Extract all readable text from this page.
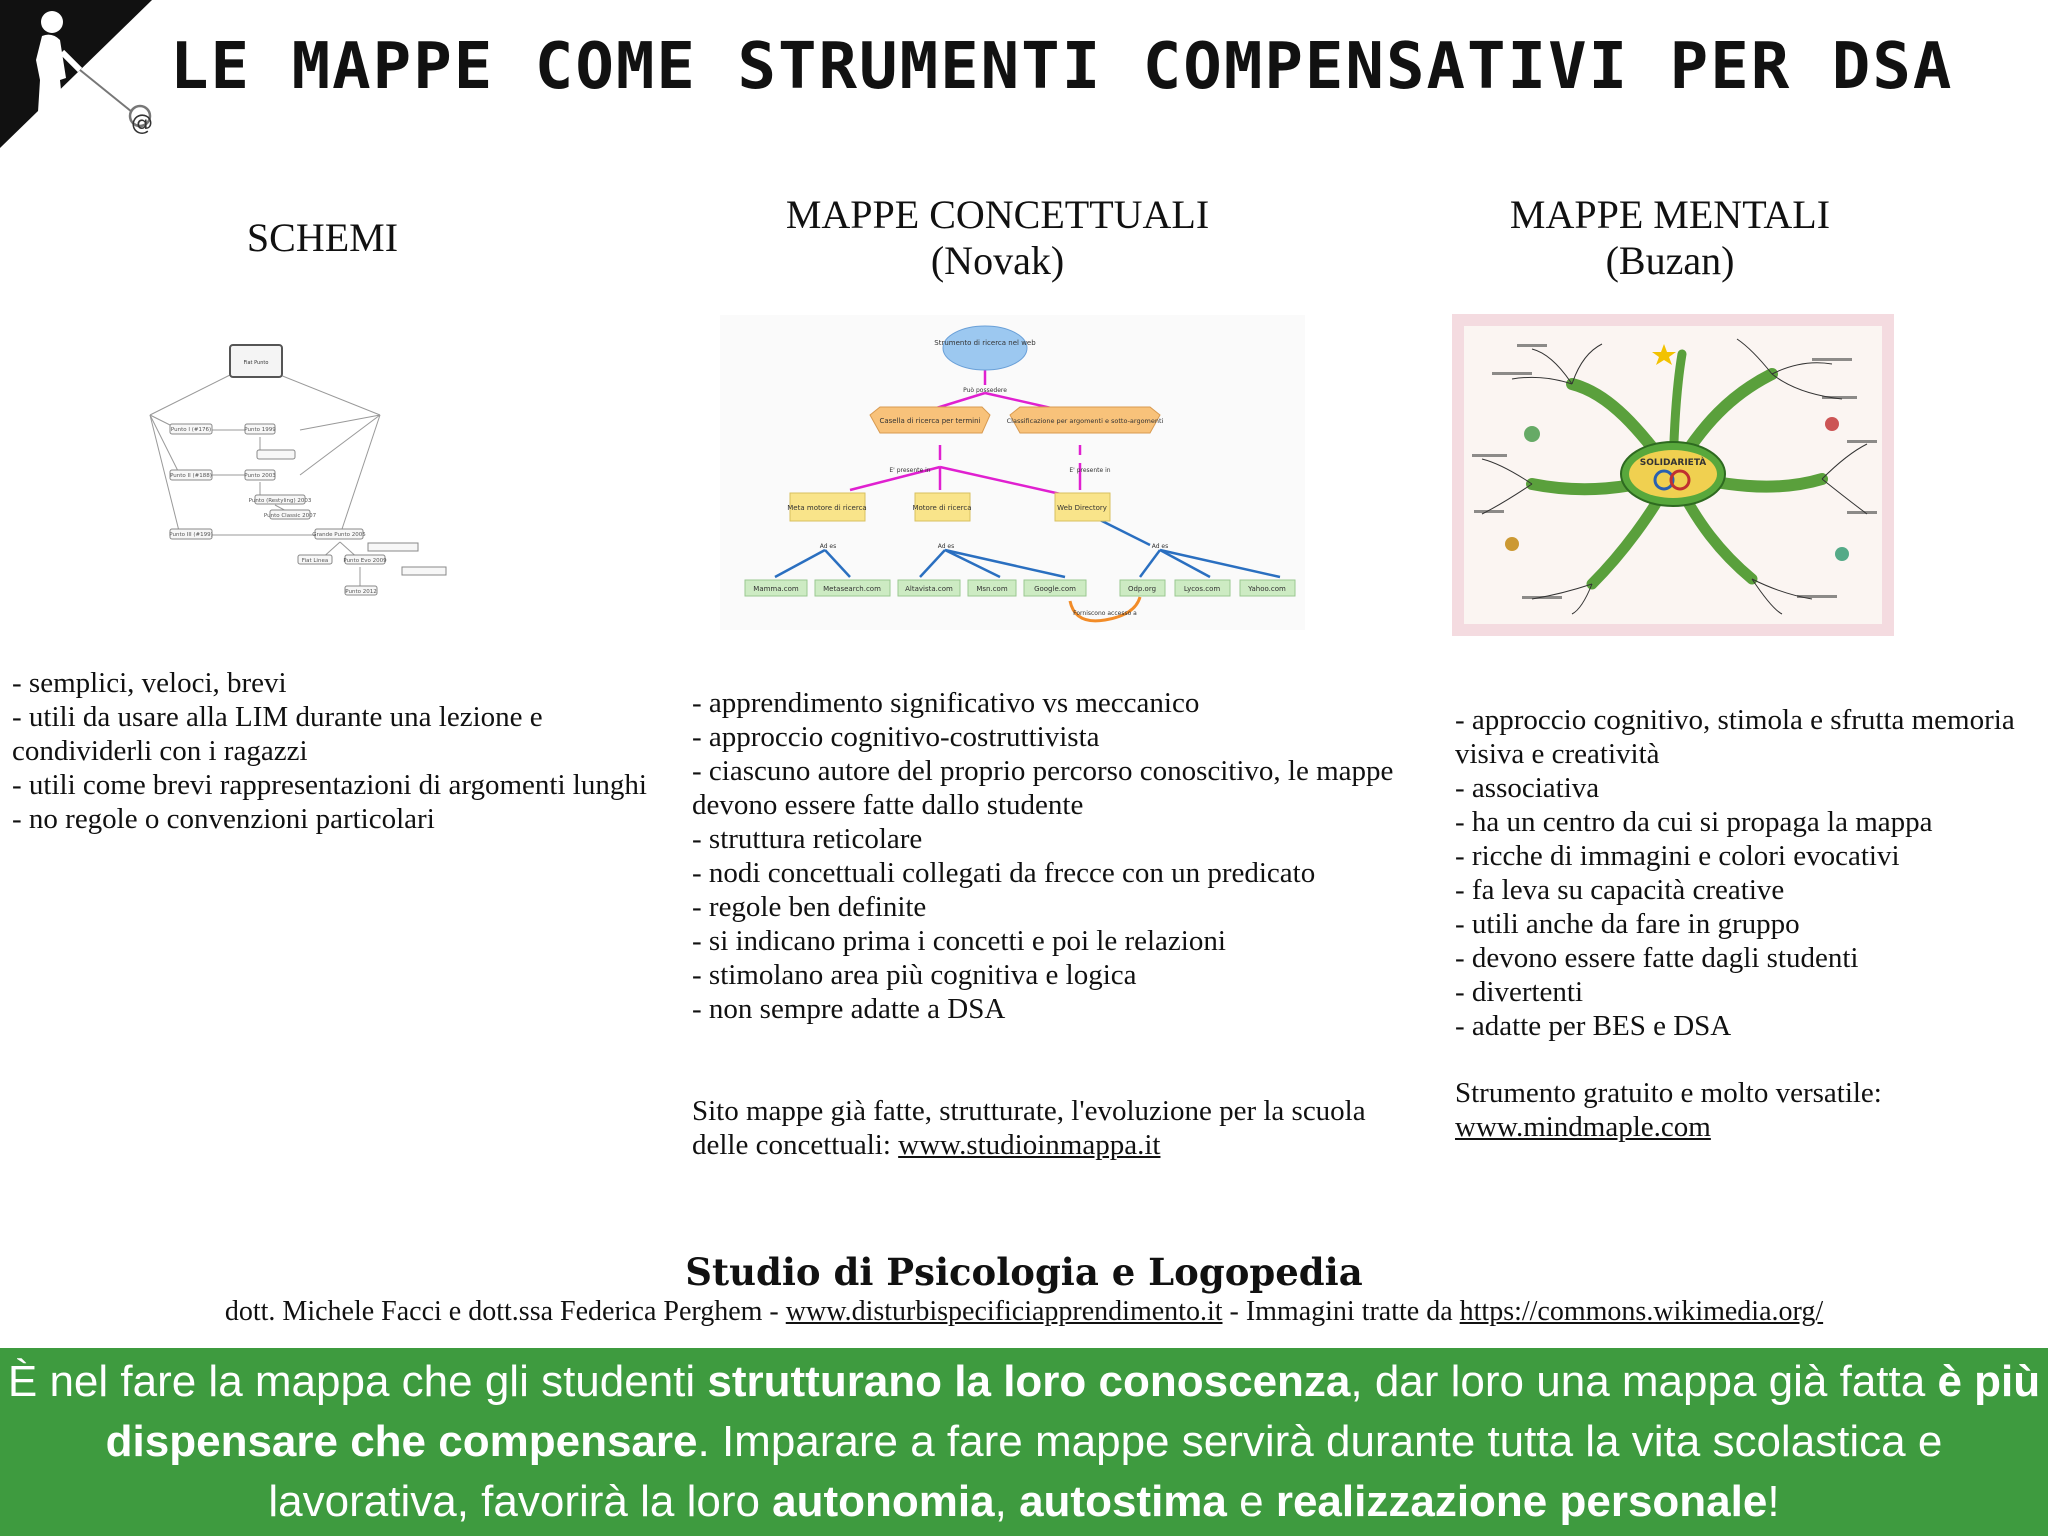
@
LE MAPPE COME STRUMENTI COMPENSATIVI PER DSA
SCHEMI
MAPPE CONCETTUALI
(Novak)
MAPPE MENTALI
(Buzan)
Fiat Punto
Punto I (#176)	Punto 1999
Punto II (#188)	Punto 2003
Punto (Restyling) 2003
Punto Classic 2007
Punto III (#199)	Grande Punto 2005
Fiat Linea	Punto Evo 2009
Punto 2012
Strumento di ricerca nel web
Può possedere
Casella di ricerca per termini	Classificazione per argomenti e sotto-argomenti
E' presente in	E' presente in
Meta motore di ricerca	Motore di ricerca	Web Directory
Ad es	Ad es	Ad es
Mamma.com	Metasearch.com	Altavista.com	Msn.com	Google.com	Odp.org	Lycos.com	Yahoo.com
Forniscono accesso a
SOLIDARIETÀ
- semplici, veloci, brevi
- utili da usare alla LIM durante una lezione e condividerli con i ragazzi
- utili come brevi rappresentazioni di argomenti lunghi
- no regole o convenzioni particolari
- apprendimento significativo vs meccanico
- approccio cognitivo-costruttivista
- ciascuno autore del proprio percorso conoscitivo, le mappe devono essere fatte dallo studente
- struttura reticolare
- nodi concettuali collegati da frecce con un predicato
- regole ben definite
- si indicano prima i concetti e poi le relazioni
- stimolano area più cognitiva e logica
- non sempre adatte a DSA
Sito mappe già fatte, strutturate, l'evoluzione per la scuola delle concettuali: www.studioinmappa.it
- approccio cognitivo, stimola e sfrutta memoria visiva e creatività
- associativa
- ha un centro da cui si propaga la mappa
- ricche di immagini e colori evocativi
- fa leva su capacità creative
- utili anche da fare in gruppo
- devono essere fatte dagli studenti
- divertenti
- adatte per BES e DSA
Strumento gratuito e molto versatile:
www.mindmaple.com
Studio di Psicologia e Logopedia
dott. Michele Facci e dott.ssa Federica Perghem - www.disturbispecificiapprendimento.it - Immagini tratte da https://commons.wikimedia.org/
È nel fare la mappa che gli studenti strutturano la loro conoscenza, dar loro una mappa già fatta è più dispensare che compensare. Imparare a fare mappe servirà durante tutta la vita scolastica e lavorativa, favorirà la loro autonomia, autostima e realizzazione personale!
